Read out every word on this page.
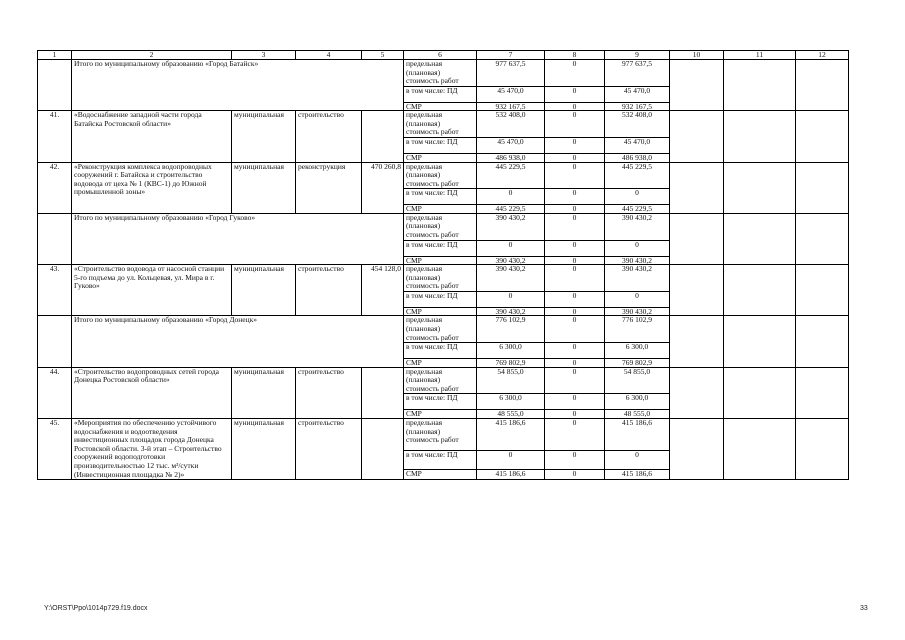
1	2	3	4	5	6	7	8	9	10	11	12
	Итого по муниципальному образованию «Город Батайск»				предельная (плановая) стоимость работ	977 637,5	0	977 637,5			
					в том числе: ПД	45 470,0	0	45 470,0			
					СМР	932 167,5	0	932 167,5			
41.	«Водоснабжение западной части города Батайска Ростовской области»	муниципальная	строительство		предельная (плановая) стоимость работ	532 408,0	0	532 408,0			
					в том числе: ПД	45 470,0	0	45 470,0			
					СМР	486 938,0	0	486 938,0			
42.	«Реконструкция комплекса водопроводных сооружений г. Батайска и строительство водовода от цеха № 1 (КВС-1) до Южной промышленной зоны»	муниципальная	реконструкция	470 260,8	предельная (плановая) стоимость работ	445 229,5	0	445 229,5			
					в том числе: ПД	0	0	0			
					СМР	445 229,5	0	445 229,5			
	Итого по муниципальному образованию «Город Гуково»				предельная (плановая) стоимость работ	390 430,2	0	390 430,2			
					в том числе: ПД	0	0	0			
					СМР	390 430,2	0	390 430,2			
43.	«Строительство водовода от насосной станции 5-го подъема до ул. Кольцевая, ул. Мира в г. Гуково»	муниципальная	строительство	454 128,0	предельная (плановая) стоимость работ	390 430,2	0	390 430,2			
					в том числе: ПД	0	0	0			
					СМР	390 430,2	0	390 430,2			
	Итого по муниципальному образованию «Город Донецк»				предельная (плановая) стоимость работ	776 102,9	0	776 102,9			
					в том числе: ПД	6 300,0	0	6 300,0			
					СМР	769 802,9	0	769 802,9			
44.	«Строительство водопроводных сетей города Донецка Ростовской области»	муниципальная	строительство		предельная (плановая) стоимость работ	54 855,0	0	54 855,0			
					в том числе: ПД	6 300,0	0	6 300,0			
					СМР	48 555,0	0	48 555,0			
45.	«Мероприятия по обеспечению устойчивого водоснабжения и водоотведения инвестиционных площадок города Донецка Ростовской области. 3-й этап – Строительство сооружений водоподготовки производительностью 12 тыс. м³/сутки (Инвестиционная площадка № 2)»	муниципальная	строительство		предельная (плановая) стоимость работ	415 186,6	0	415 186,6			
					в том числе: ПД	0	0	0			
					СМР	415 186,6	0	415 186,6			
Y:\ORST\Ppo\1014p729.f19.docx	33
